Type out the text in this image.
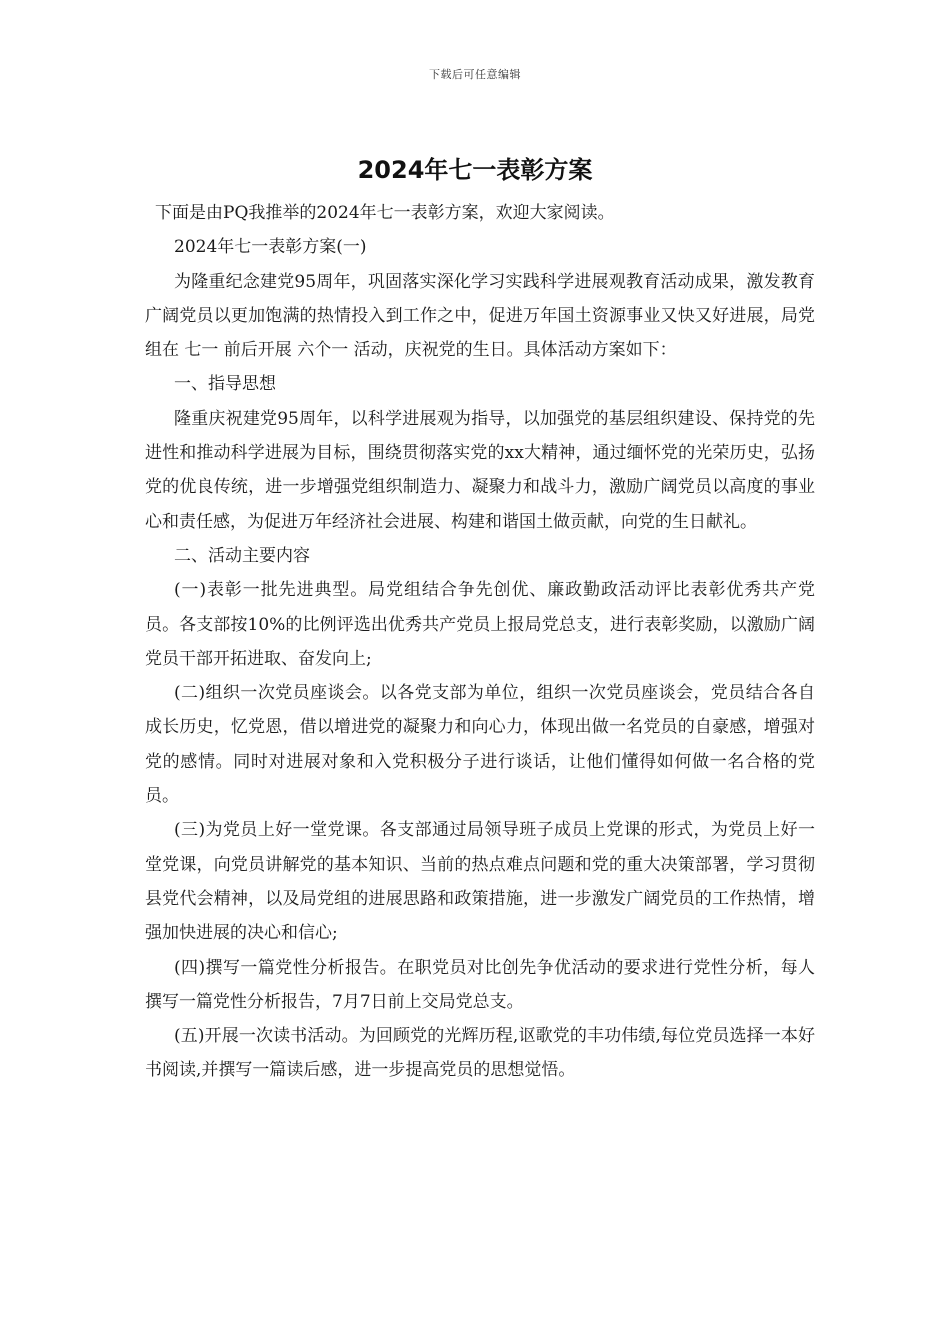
下载后可任意编辑
2024年七一表彰方案

下面是由PQ我推举的2024年七一表彰方案，欢迎大家阅读。

2024年七一表彰方案(一)

为隆重纪念建党95周年，巩固落实深化学习实践科学进展观教育活动成果，激发教育广阔党员以更加饱满的热情投入到工作之中，促进万年国土资源事业又快又好进展，局党组在 七一 前后开展 六个一 活动，庆祝党的生日。具体活动方案如下：

一、指导思想

隆重庆祝建党95周年，以科学进展观为指导，以加强党的基层组织建设、保持党的先进性和推动科学进展为目标，围绕贯彻落实党的xx大精神，通过缅怀党的光荣历史，弘扬党的优良传统，进一步增强党组织制造力、凝聚力和战斗力，激励广阔党员以高度的事业心和责任感，为促进万年经济社会进展、构建和谐国土做贡献，向党的生日献礼。

二、活动主要内容

(一)表彰一批先进典型。局党组结合争先创优、廉政勤政活动评比表彰优秀共产党员。各支部按10%的比例评选出优秀共产党员上报局党总支，进行表彰奖励，以激励广阔党员干部开拓进取、奋发向上;

(二)组织一次党员座谈会。以各党支部为单位，组织一次党员座谈会，党员结合各自成长历史，忆党恩，借以增进党的凝聚力和向心力，体现出做一名党员的自豪感，增强对党的感情。同时对进展对象和入党积极分子进行谈话，让他们懂得如何做一名合格的党员。

(三)为党员上好一堂党课。各支部通过局领导班子成员上党课的形式，为党员上好一堂党课，向党员讲解党的基本知识、当前的热点难点问题和党的重大决策部署，学习贯彻县党代会精神，以及局党组的进展思路和政策措施，进一步激发广阔党员的工作热情，增强加快进展的决心和信心;

(四)撰写一篇党性分析报告。在职党员对比创先争优活动的要求进行党性分析，每人撰写一篇党性分析报告，7月7日前上交局党总支。

(五)开展一次读书活动。为回顾党的光辉历程,讴歌党的丰功伟绩,每位党员选择一本好书阅读,并撰写一篇读后感，进一步提高党员的思想觉悟。
